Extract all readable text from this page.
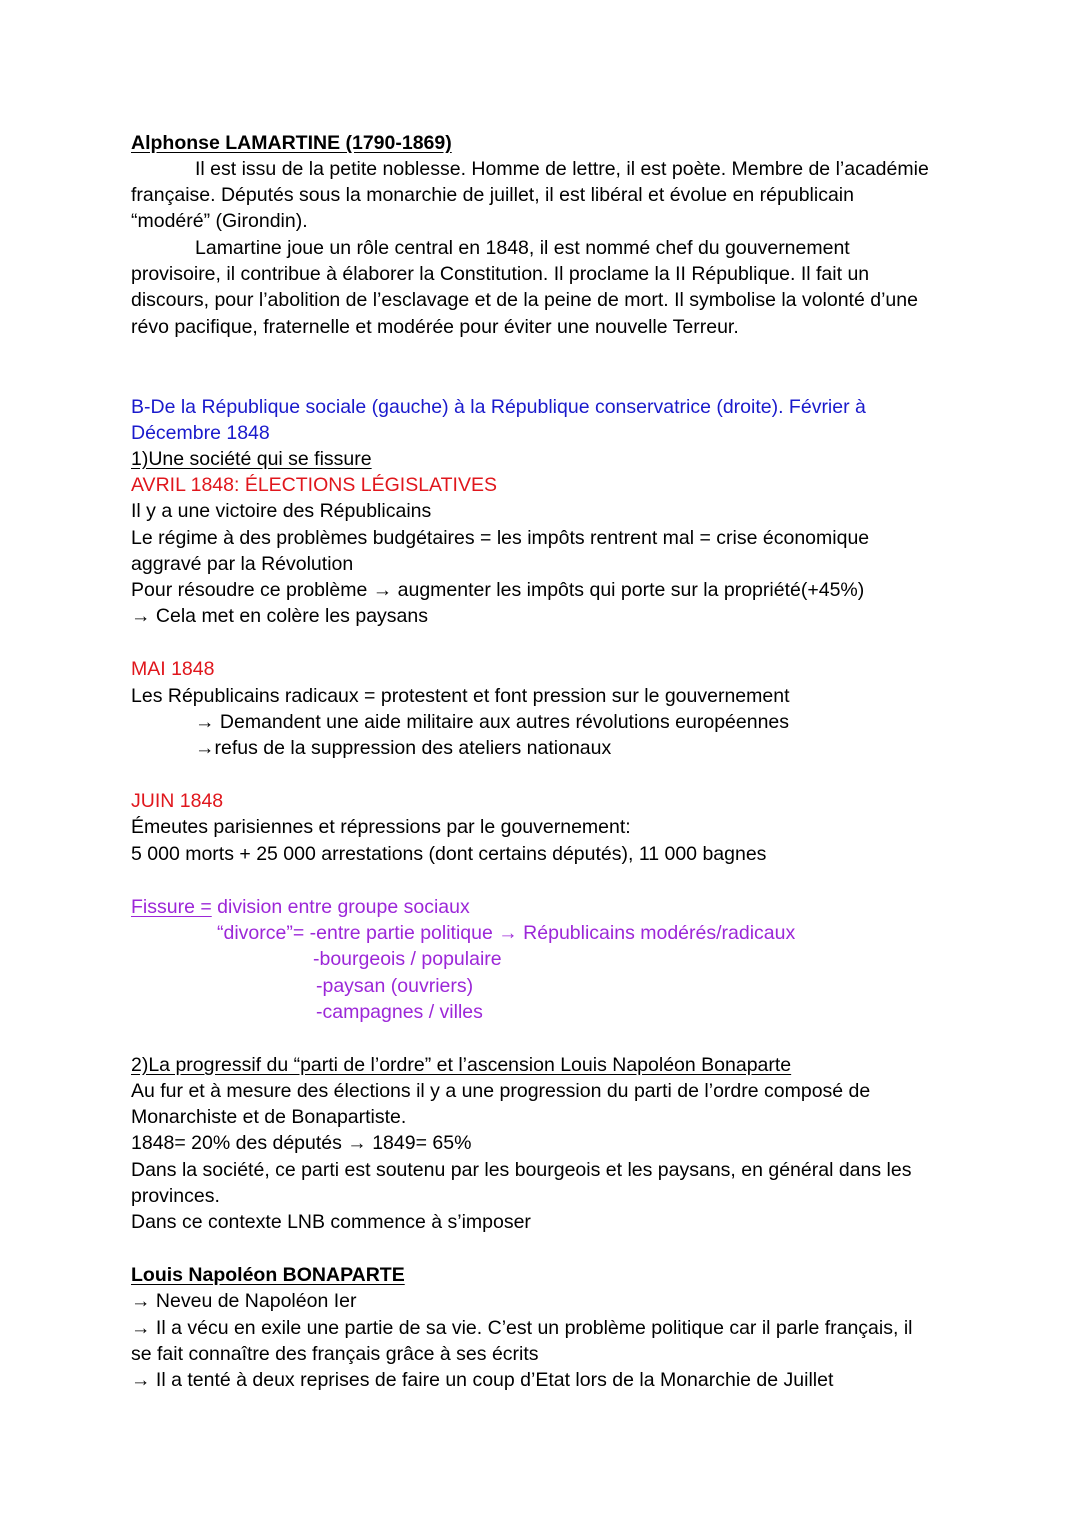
Alphonse LAMARTINE (1790-1869)
Il est issu de la petite noblesse. Homme de lettre, il est poète. Membre de l’académie
française. Députés sous la monarchie de juillet, il est libéral et évolue en républicain
“modéré” (Girondin).
Lamartine joue un rôle central en 1848, il est nommé chef du gouvernement
provisoire, il contribue à élaborer la Constitution. Il proclame la II République. Il fait un
discours, pour l’abolition de l’esclavage et de la peine de mort. Il symbolise la volonté d’une
révo pacifique, fraternelle et modérée pour éviter une nouvelle Terreur.
B-De la République sociale (gauche) à la République conservatrice (droite). Février à
Décembre 1848
1)Une société qui se fissure
AVRIL 1848: ÉLECTIONS LÉGISLATIVES
Il y a une victoire des Républicains
Le régime à des problèmes budgétaires = les impôts rentrent mal = crise économique
aggravé par la Révolution
Pour résoudre ce problème → augmenter les impôts qui porte sur la propriété(+45%)
→ Cela met en colère les paysans
MAI 1848
Les Républicains radicaux = protestent et font pression sur le gouvernement
→ Demandent une aide militaire aux autres révolutions européennes
→refus de la suppression des ateliers nationaux
JUIN 1848
Émeutes parisiennes et répressions par le gouvernement:
5 000 morts + 25 000 arrestations (dont certains députés), 11 000 bagnes
Fissure = division entre groupe sociaux
“divorce”= -entre partie politique → Républicains modérés/radicaux
-bourgeois / populaire
-paysan (ouvriers)
-campagnes / villes
2)La progressif du “parti de l’ordre” et l’ascension Louis Napoléon Bonaparte
Au fur et à mesure des élections il y a une progression du parti de l’ordre composé de
Monarchiste et de Bonapartiste.
1848= 20% des députés → 1849= 65%
Dans la société, ce parti est soutenu par les bourgeois et les paysans, en général dans les
provinces.
Dans ce contexte LNB commence à s’imposer
Louis Napoléon BONAPARTE
→ Neveu de Napoléon Ier
→ Il a vécu en exile une partie de sa vie. C’est un problème politique car il parle français, il
se fait connaître des français grâce à ses écrits
→ Il a tenté à deux reprises de faire un coup d’Etat lors de la Monarchie de Juillet
